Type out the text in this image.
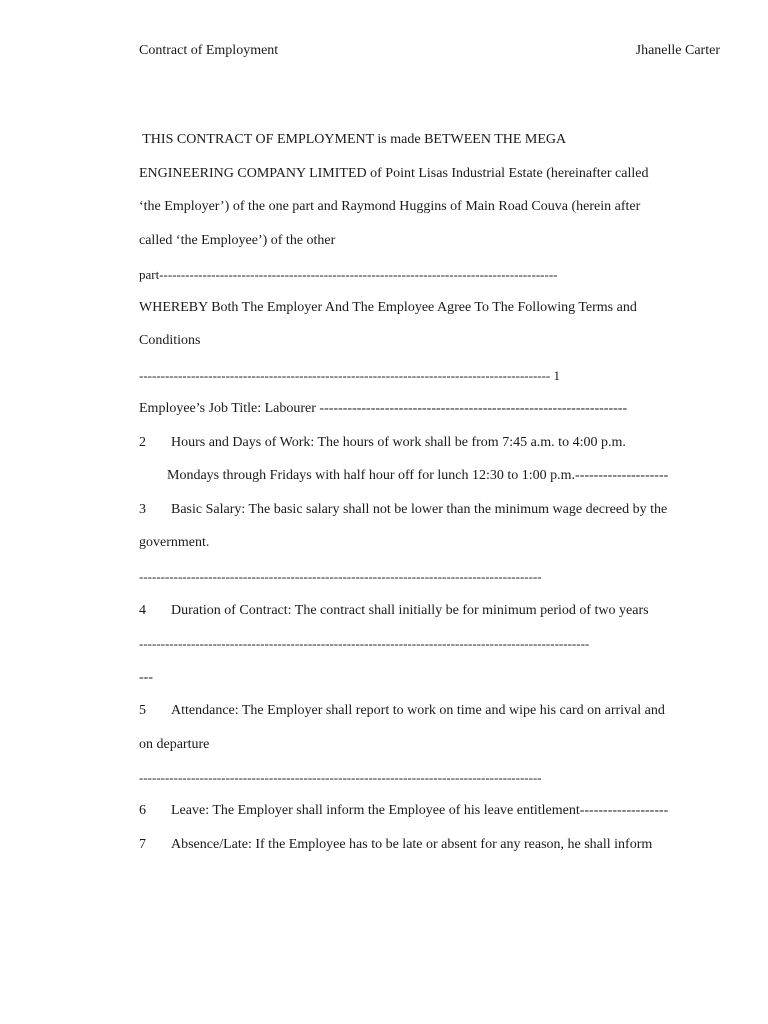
Contract of Employment	Jhanelle Carter
THIS CONTRACT OF EMPLOYMENT is made BETWEEN THE MEGA
ENGINEERING COMPANY LIMITED of Point Lisas Industrial Estate (hereinafter called
‘the Employer’) of the one part and Raymond Huggins of Main Road Couva (herein after
called ‘the Employee’) of the other
part--------------------------------------------------------------------------------------------
WHEREBY Both The Employer And The Employee Agree To The Following Terms and
Conditions
----------------------------------------------------------------------------------------------- 1
Employee’s Job Title: Labourer ------------------------------------------------------------------
2 Hours and Days of Work: The hours of work shall be from 7:45 a.m. to 4:00 p.m.
Mondays through Fridays with half hour off for lunch 12:30 to 1:00 p.m.--------------------
3 Basic Salary: The basic salary shall not be lower than the minimum wage decreed by the
government.
---------------------------------------------------------------------------------------------
4 Duration of Contract: The contract shall initially be for minimum period of two years
--------------------------------------------------------------------------------------------------------
---
5 Attendance: The Employer shall report to work on time and wipe his card on arrival and
on departure
---------------------------------------------------------------------------------------------
6 Leave: The Employer shall inform the Employee of his leave entitlement-------------------
7 Absence/Late: If the Employee has to be late or absent for any reason, he shall inform
